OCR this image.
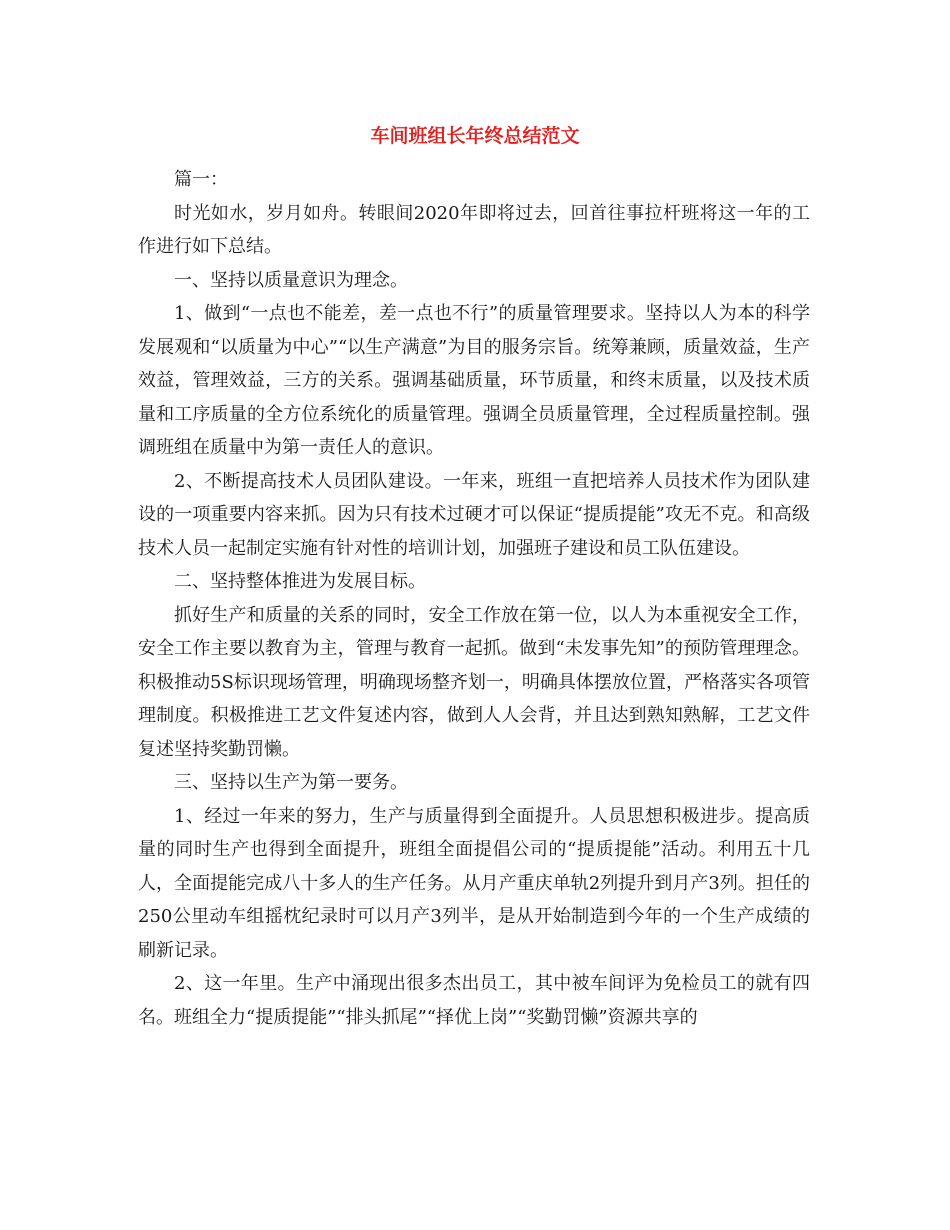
车间班组长年终总结范文

篇一：

时光如水，岁月如舟。转眼间2020年即将过去，回首往事拉杆班将这一年的工作进行如下总结。

一、坚持以质量意识为理念。

1、做到“一点也不能差，差一点也不行”的质量管理要求。坚持以人为本的科学发展观和“以质量为中心”“以生产满意”为目的服务宗旨。统筹兼顾，质量效益，生产效益，管理效益，三方的关系。强调基础质量，环节质量，和终末质量，以及技术质量和工序质量的全方位系统化的质量管理。强调全员质量管理，全过程质量控制。强调班组在质量中为第一责任人的意识。

2、不断提高技术人员团队建设。一年来，班组一直把培养人员技术作为团队建设的一项重要内容来抓。因为只有技术过硬才可以保证“提质提能”攻无不克。和高级技术人员一起制定实施有针对性的培训计划，加强班子建设和员工队伍建设。

二、坚持整体推进为发展目标。

抓好生产和质量的关系的同时，安全工作放在第一位，以人为本重视安全工作，安全工作主要以教育为主，管理与教育一起抓。做到“未发事先知”的预防管理理念。积极推动5S标识现场管理，明确现场整齐划一，明确具体摆放位置，严格落实各项管理制度。积极推进工艺文件复述内容，做到人人会背，并且达到熟知熟解，工艺文件复述坚持奖勤罚懒。

三、坚持以生产为第一要务。

1、经过一年来的努力，生产与质量得到全面提升。人员思想积极进步。提高质量的同时生产也得到全面提升，班组全面提倡公司的“提质提能”活动。利用五十几人，全面提能完成八十多人的生产任务。从月产重庆单轨2列提升到月产3列。担任的250公里动车组摇枕纪录时可以月产3列半，是从开始制造到今年的一个生产成绩的刷新记录。

2、这一年里。生产中涌现出很多杰出员工，其中被车间评为免检员工的就有四名。班组全力“提质提能”“排头抓尾”“择优上岗”“奖勤罚懒”资源共享的
